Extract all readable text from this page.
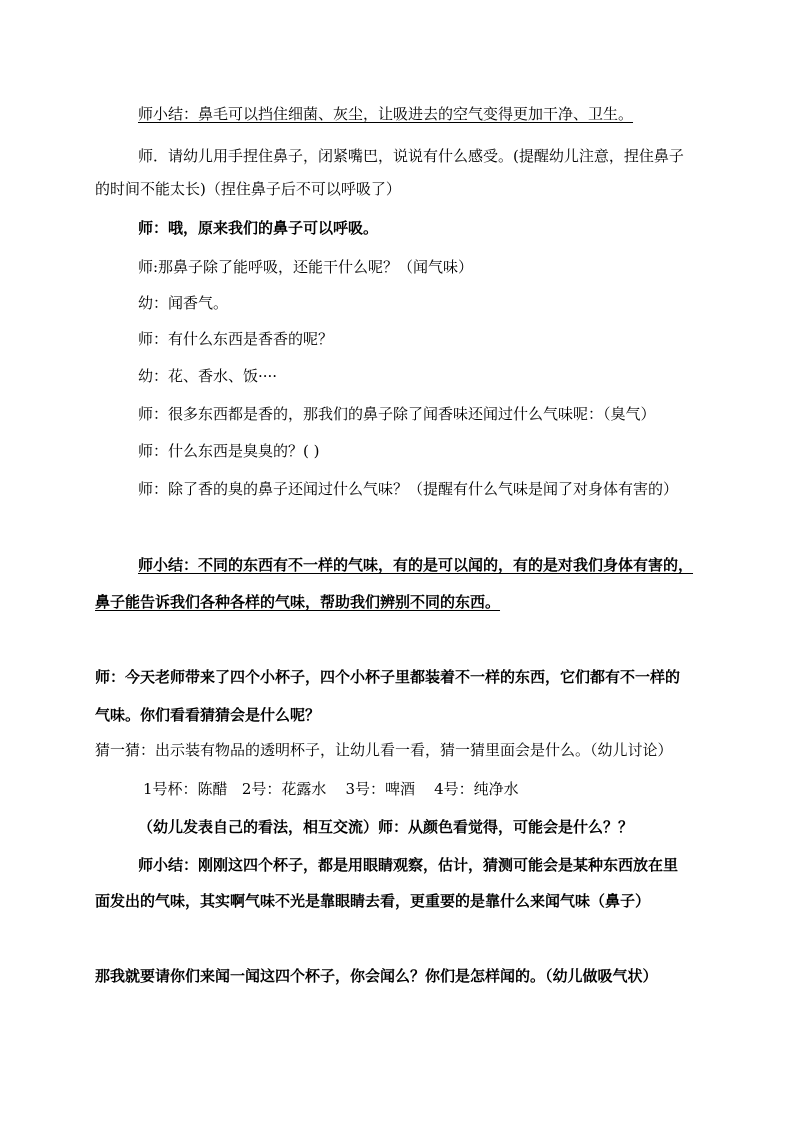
师小结：鼻毛可以挡住细菌、灰尘，让吸进去的空气变得更加干净、卫生。
师．请幼儿用手捏住鼻子，闭紧嘴巴，说说有什么感受。(提醒幼儿注意，捏住鼻子
的时间不能太长)（捏住鼻子后不可以呼吸了）
师：哦，原来我们的鼻子可以呼吸。
师:那鼻子除了能呼吸，还能干什么呢？（闻气味）
幼：闻香气。
师：有什么东西是香香的呢？
幼：花、香水、饭····
师：很多东西都是香的，那我们的鼻子除了闻香味还闻过什么气味呢：（臭气）
师：什么东西是臭臭的？( )
师：除了香的臭的鼻子还闻过什么气味？（提醒有什么气味是闻了对身体有害的）
师小结：不同的东西有不一样的气味，有的是可以闻的，有的是对我们身体有害的，
鼻子能告诉我们各种各样的气味，帮助我们辨别不同的东西。
师：今天老师带来了四个小杯子，四个小杯子里都装着不一样的东西，它们都有不一样的
气味。你们看看猜猜会是什么呢？
猜一猜：出示装有物品的透明杯子，让幼儿看一看，猜一猜里面会是什么。（幼儿讨论）
1号杯：陈醋   2号：花露水    3号：啤酒    4号：纯净水
（幼儿发表自己的看法，相互交流）师：从颜色看觉得，可能会是什么？？
师小结：刚刚这四个杯子，都是用眼睛观察，估计，猜测可能会是某种东西放在里
面发出的气味，其实啊气味不光是靠眼睛去看，更重要的是靠什么来闻气味（鼻子）
那我就要请你们来闻一闻这四个杯子，你会闻么？你们是怎样闻的。（幼儿做吸气状）
